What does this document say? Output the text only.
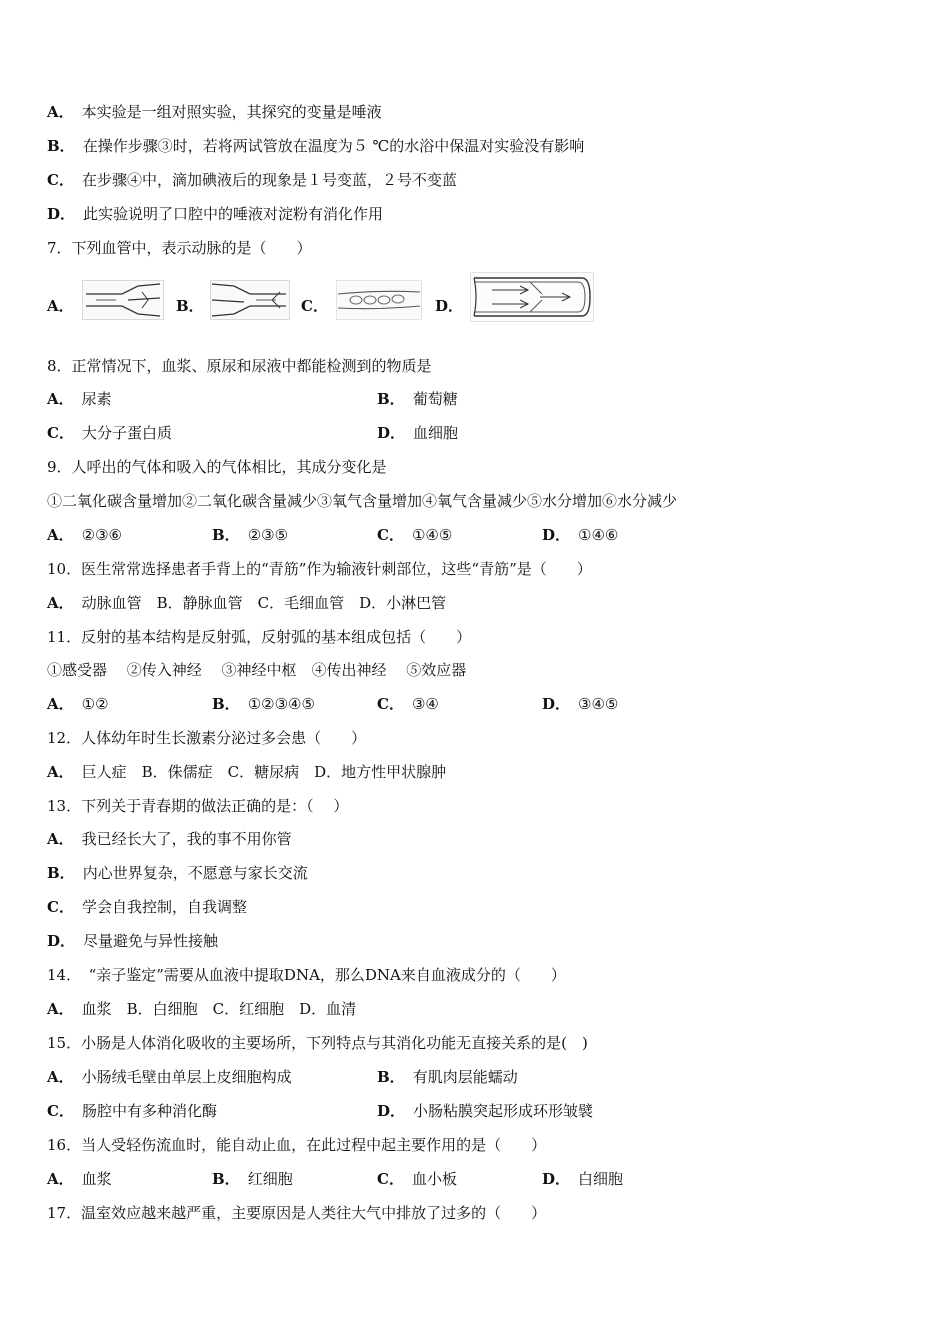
A． 本实验是一组对照实验，其探究的变量是唾液
B． 在操作步骤③时，若将两试管放在温度为５ ℃的水浴中保温对实验没有影响
C． 在步骤④中，滴加碘液后的现象是１号变蓝，２号不变蓝
D． 此实验说明了口腔中的唾液对淀粉有消化作用
7．下列血管中，表示动脉的是（　　）
A．	B．	C．	D．
8．正常情况下，血浆、原尿和尿液中都能检测到的物质是
A． 尿素	B． 葡萄糖
C． 大分子蛋白质	D． 血细胞
9．人呼出的气体和吸入的气体相比，其成分变化是
①二氧化碳含量增加②二氧化碳含量减少③氧气含量增加④氧气含量减少⑤水分增加⑥水分减少
A． ②③⑥	B． ②③⑤	C． ①④⑤	D． ①④⑥
10．医生常常选择患者手背上的“青筋”作为输液针刺部位，这些“青筋”是（　　）
A． 动脉血管　B．静脉血管　C．毛细血管　D．小淋巴管
11．反射的基本结构是反射弧，反射弧的基本组成包括（　　）
①感受器　 ②传入神经　 ③神经中枢　④传出神经　 ⑤效应器
A． ①②	B． ①②③④⑤	C． ③④	D． ③④⑤
12．人体幼年时生长激素分泌过多会患（　　）
A． 巨人症　B．侏儒症　C．糖尿病　D．地方性甲状腺肿
13．下列关于青春期的做法正确的是：（　 ）
A． 我已经长大了，我的事不用你管
B． 内心世界复杂，不愿意与家长交流
C． 学会自我控制，自我调整
D． 尽量避免与异性接触
14．　“亲子鉴定”需要从血液中提取DNA，那么DNA来自血液成分的（　　）
A． 血浆　B．白细胞　C．红细胞　D．血清
15．小肠是人体消化吸收的主要场所，下列特点与其消化功能无直接关系的是(　)
A． 小肠绒毛壁由单层上皮细胞构成	B． 有肌肉层能蠕动
C． 肠腔中有多种消化酶	D． 小肠粘膜突起形成环形皱襞
16．当人受轻伤流血时，能自动止血，在此过程中起主要作用的是（　　）
A． 血浆	B． 红细胞	C． 血小板	D． 白细胞
17．温室效应越来越严重，主要原因是人类往大气中排放了过多的（　　）
